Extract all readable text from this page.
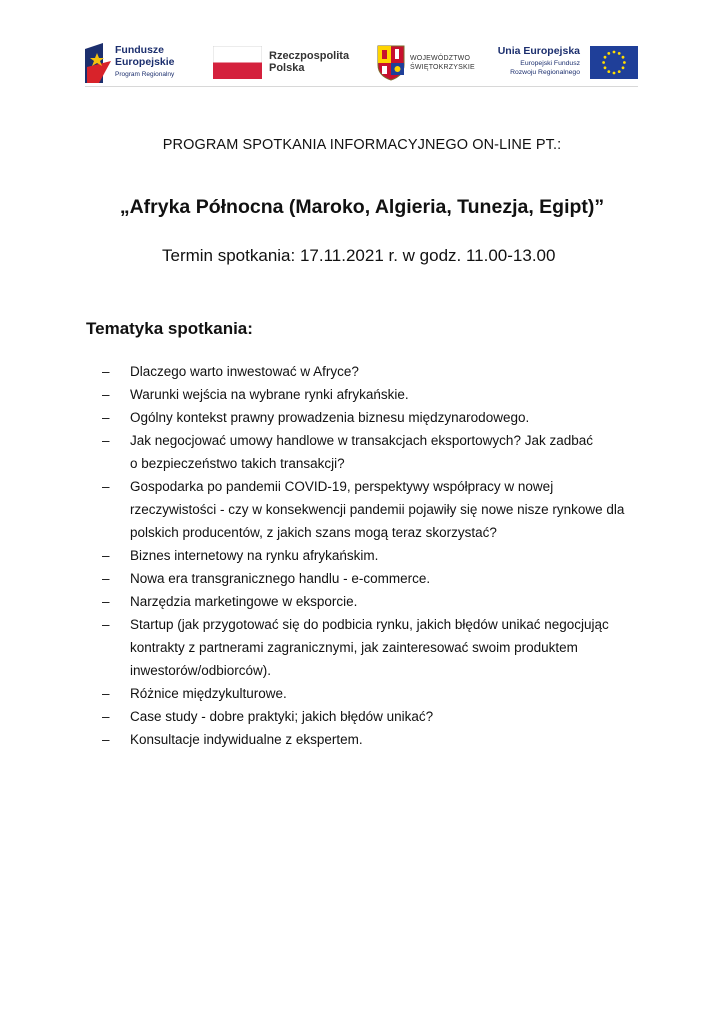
Fundusze
Europejskie
Program Regionalny
Rzeczpospolita
Polska
WOJEWÓDZTWO
ŚWIĘTOKRZYSKIE
Unia Europejska
Europejski Fundusz
Rozwoju Regionalnego
PROGRAM SPOTKANIA INFORMACYJNEGO ON-LINE PT.:
„Afryka Północna (Maroko, Algieria, Tunezja, Egipt)”
Termin spotkania: 17.11.2021 r. w godz. 11.00-13.00
Tematyka spotkania:
– Dlaczego warto inwestować w Afryce?
– Warunki wejścia na wybrane rynki afrykańskie.
– Ogólny kontekst prawny prowadzenia biznesu międzynarodowego.
– Jak negocjować umowy handlowe w transakcjach eksportowych? Jak zadbać
o bezpieczeństwo takich transakcji?
– Gospodarka po pandemii COVID-19, perspektywy współpracy w nowej
rzeczywistości - czy w konsekwencji pandemii pojawiły się nowe nisze rynkowe dla
polskich producentów, z jakich szans mogą teraz skorzystać?
– Biznes internetowy na rynku afrykańskim.
– Nowa era transgranicznego handlu - e-commerce.
– Narzędzia marketingowe w eksporcie.
– Startup (jak przygotować się do podbicia rynku, jakich błędów unikać negocjując
kontrakty z partnerami zagranicznymi, jak zainteresować swoim produktem
inwestorów/odbiorców).
– Różnice międzykulturowe.
– Case study - dobre praktyki; jakich błędów unikać?
– Konsultacje indywidualne z ekspertem.
